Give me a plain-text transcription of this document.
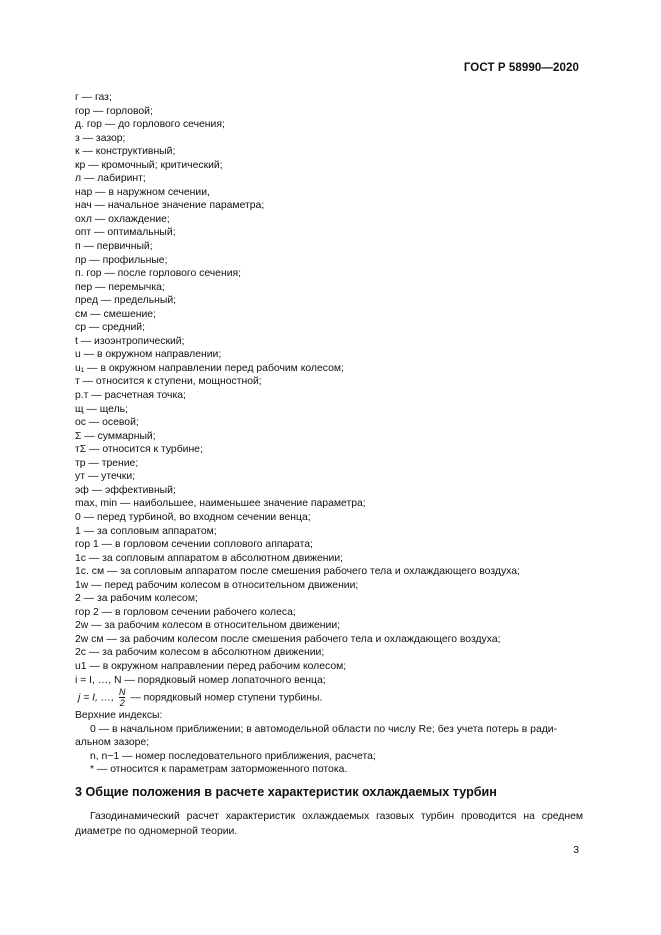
ГОСТ Р 58990—2020
г — газ;
гор — горловой;
д. гор — до горлового сечения;
з — зазор;
к — конструктивный;
кр — кромочный; критический;
л — лабиринт;
нар — в наружном сечении,
нач — начальное значение параметра;
охл — охлаждение;
опт — оптимальный;
п — первичный;
пр — профильные;
п. гор — после горлового сечения;
пер — перемычка;
пред — предельный;
см — смешение;
ср — средний;
t — изоэнтропический;
u — в окружном направлении;
u₁ — в окружном направлении перед рабочим колесом;
т — относится к ступени, мощностной;
р.т — расчетная точка;
щ — щель;
ос — осевой;
Σ — суммарный;
тΣ — относится к турбине;
тр — трение;
ут — утечки;
эф — эффективный;
max, min — наибольшее, наименьшее значение параметра;
0 — перед турбиной, во входном сечении венца;
1 — за сопловым аппаратом;
гор 1 — в горловом сечении соплового аппарата;
1с — за сопловым аппаратом в абсолютном движении;
1с. см — за сопловым аппаратом после смешения рабочего тела и охлаждающего воздуха;
1w — перед рабочим колесом в относительном движении;
2 — за рабочим колесом;
гор 2 — в горловом сечении рабочего колеса;
2w — за рабочим колесом в относительном движении;
2w см — за рабочим колесом после смешения рабочего тела и охлаждающего воздуха;
2с — за рабочим колесом в абсолютном движении;
u1 — в окружном направлении перед рабочим колесом;
i = I, …, N — порядковый номер лопаточного венца;
j = I, …, $\frac{N}{2}$ — порядковый номер ступени турбины.
Верхние индексы:
0 — в начальном приближении; в автомодельной области по числу Re; без учета потерь в ради-
альном зазоре;
n, n−1 — номер последовательного приближения, расчета;
* — относится к параметрам заторможенного потока.
3 Общие положения в расчете характеристик охлаждаемых турбин
Газодинамический расчет характеристик охлаждаемых газовых турбин проводится на среднем диаметре по одномерной теории.
3
